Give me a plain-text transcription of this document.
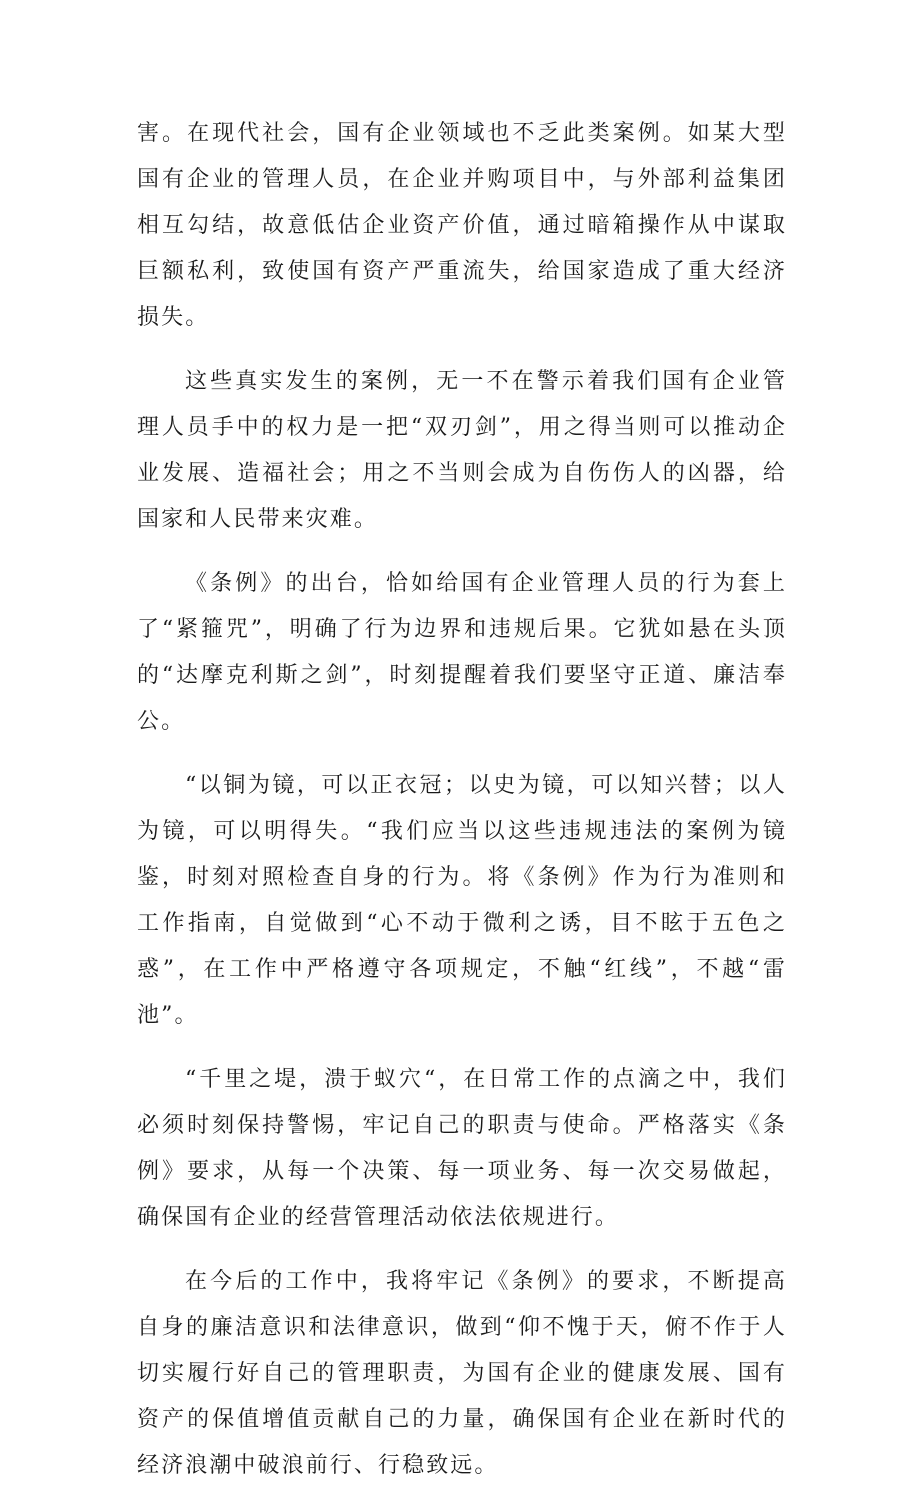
害。在现代社会，国有企业领域也不乏此类案例。如某大型国有企业的管理人员，在企业并购项目中，与外部利益集团相互勾结，故意低估企业资产价值，通过暗箱操作从中谋取巨额私利，致使国有资产严重流失，给国家造成了重大经济损失。

这些真实发生的案例，无一不在警示着我们国有企业管理人员手中的权力是一把“双刃剑”，用之得当则可以推动企业发展、造福社会；用之不当则会成为自伤伤人的凶器，给国家和人民带来灾难。

《条例》的出台，恰如给国有企业管理人员的行为套上了“紧箍咒”，明确了行为边界和违规后果。它犹如悬在头顶的“达摩克利斯之剑”，时刻提醒着我们要坚守正道、廉洁奉公。

“以铜为镜，可以正衣冠；以史为镜，可以知兴替；以人为镜，可以明得失。“我们应当以这些违规违法的案例为镜鉴，时刻对照检查自身的行为。将《条例》作为行为准则和工作指南，自觉做到“心不动于微利之诱，目不眩于五色之惑”，在工作中严格遵守各项规定，不触“红线”，不越“雷池”。

“千里之堤，溃于蚁穴“，在日常工作的点滴之中，我们必须时刻保持警惕，牢记自己的职责与使命。严格落实《条例》要求，从每一个决策、每一项业务、每一次交易做起，确保国有企业的经营管理活动依法依规进行。

在今后的工作中，我将牢记《条例》的要求，不断提高自身的廉洁意识和法律意识，做到“仰不愧于天，俯不作于人切实履行好自己的管理职责，为国有企业的健康发展、国有资产的保值增值贡献自己的力量，确保国有企业在新时代的经济浪潮中破浪前行、行稳致远。
